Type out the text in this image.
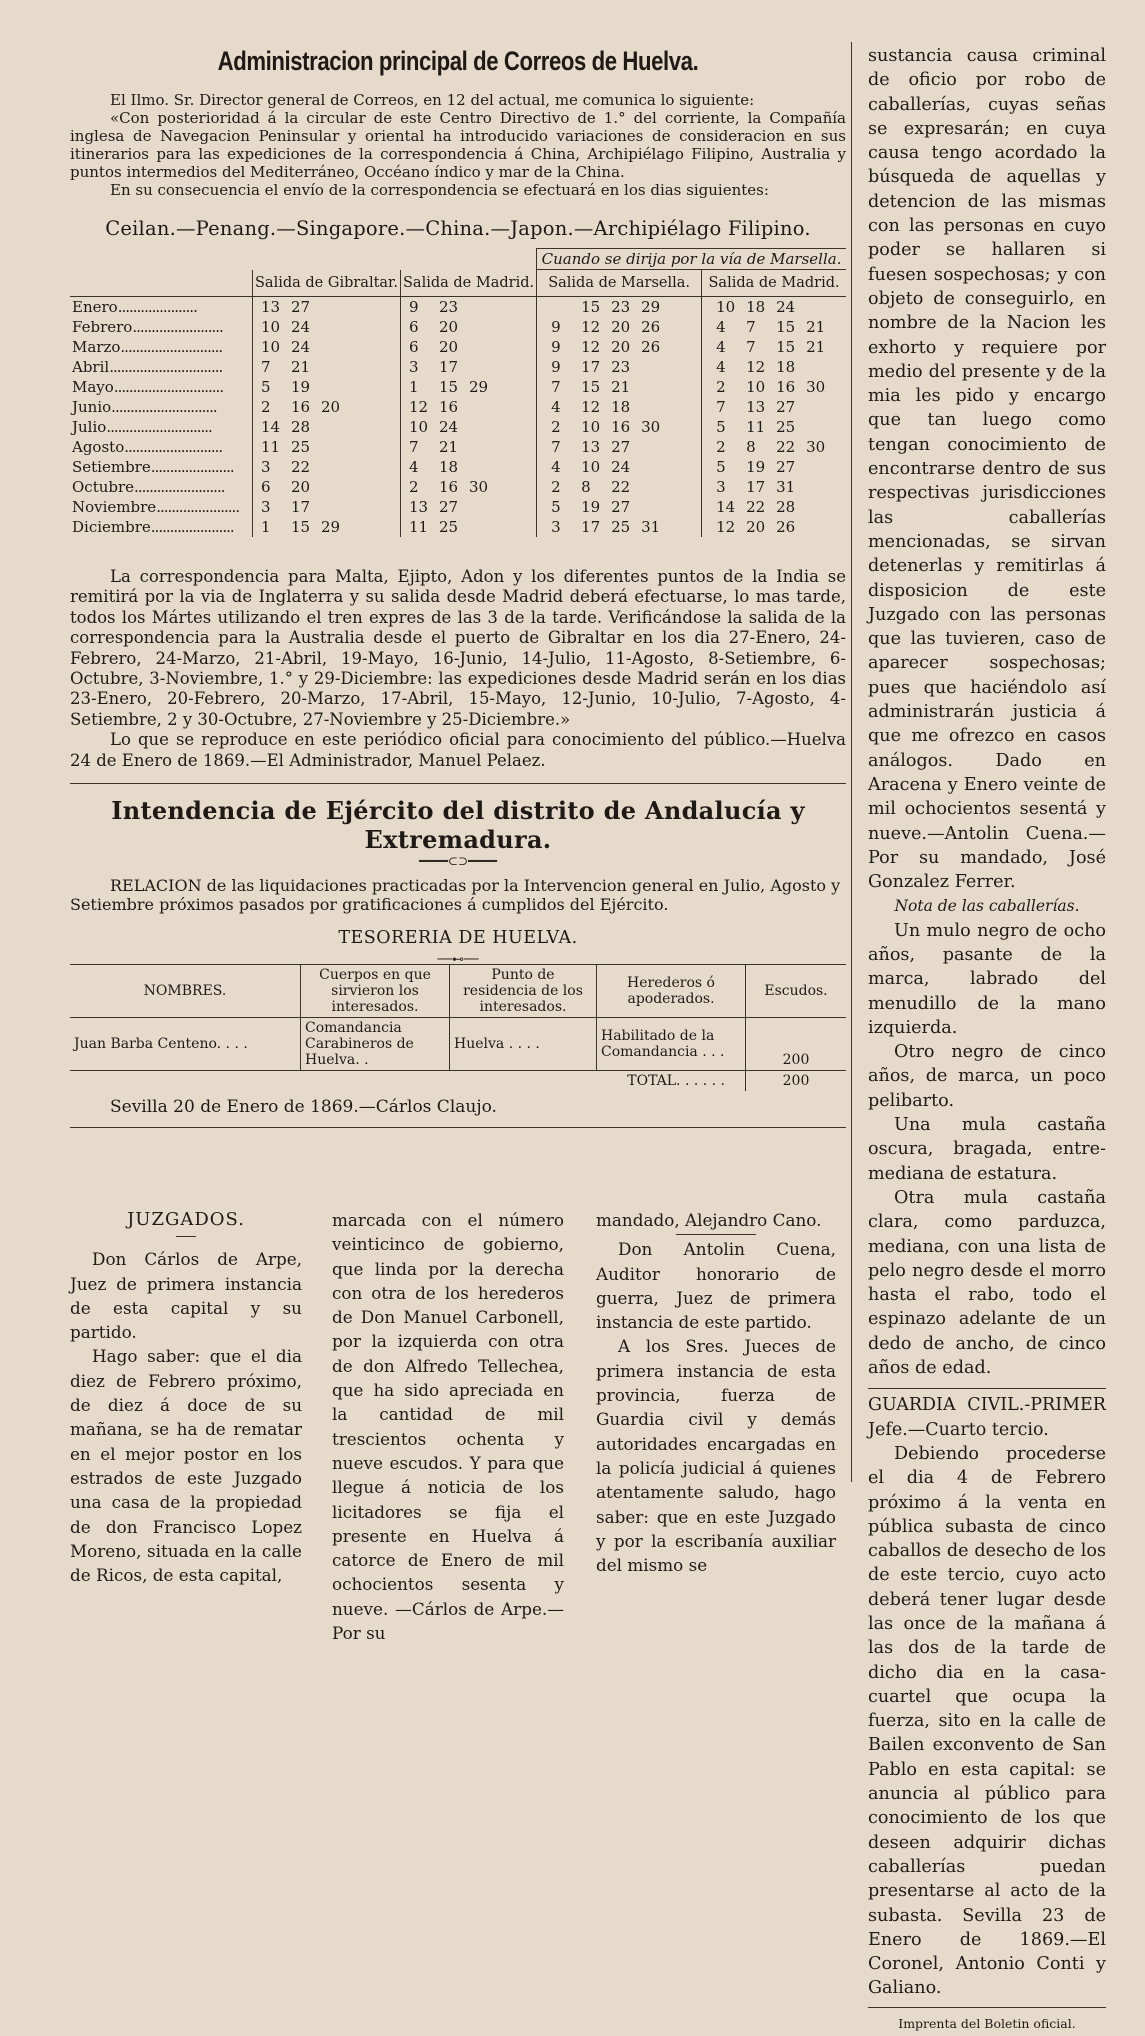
Administracion principal de Correos de Huelva.

El Ilmo. Sr. Director general de Correos, en 12 del actual, me comunica lo siguiente:

«Con posterioridad á la circular de este Centro Directivo de 1.° del corriente, la Compañía inglesa de Navegacion Peninsular y oriental ha introducido variaciones de consideracion en sus itinerarios para las expediciones de la correspondencia á China, Archipiélago Filipino, Australia y puntos intermedios del Mediterráneo, Occéano índico y mar de la China.

En su consecuencia el envío de la correspondencia se efectuará en los dias siguientes:

Ceilan.—Penang.—Singapore.—China.—Japon.—Archipiélago Filipino.
			Cuando se dirija por la vía de Marsella.	
	Salida de Gibraltar.	Salida de Madrid.	Salida de Marsella.	Salida de Madrid.
Enero.....................	13 27	9 23	15 23 29	10 18 24
Febrero........................	10 24	6 20	9 12 20 26	4 7 15 21
Marzo...........................	10 24	6 20	9 12 20 26	4 7 15 21
Abril..............................	7 21	3 17	9 17 23	4 12 18
Mayo.............................	5 19	1 15 29	7 15 21	2 10 16 30
Junio............................	2 16 20	12 16	4 12 18	7 13 27
Julio............................	14 28	10 24	2 10 16 30	5 11 25
Agosto..........................	11 25	7 21	7 13 27	2 8 22 30
Setiembre......................	3 22	4 18	4 10 24	5 19 27
Octubre........................	6 20	2 16 30	2 8 22	3 17 31
Noviembre......................	3 17	13 27	5 19 27	14 22 28
Diciembre......................	1 15 29	11 25	3 17 25 31	12 20 26

La correspondencia para Malta, Ejipto, Adon y los diferentes puntos de la India se remitirá por la via de Inglaterra y su salida desde Madrid deberá efectuarse, lo mas tarde, todos los Mártes utilizando el tren expres de las 3 de la tarde. Verificándose la salida de la correspondencia para la Australia desde el puerto de Gibraltar en los dia 27-Enero, 24-Febrero, 24-Marzo, 21-Abril, 19-Mayo, 16-Junio, 14-Julio, 11-Agosto, 8-Setiembre, 6-Octubre, 3-Noviembre, 1.° y 29-Diciembre: las expediciones desde Madrid serán en los dias 23-Enero, 20-Febrero, 20-Marzo, 17-Abril, 15-Mayo, 12-Junio, 10-Julio, 7-Agosto, 4-Setiembre, 2 y 30-Octubre, 27-Noviembre y 25-Diciembre.»

Lo que se reproduce en este periódico oficial para conocimiento del público.—Huelva 24 de Enero de 1869.—El Administrador, Manuel Pelaez.

Intendencia de Ejército del distrito de Andalucía y Extremadura.
━━━━⊂⊃━━━━

RELACION de las liquidaciones practicadas por la Intervencion general en Julio, Agosto y Setiembre próximos pasados por gratificaciones á cumplidos del Ejército.

TESORERIA DE HUELVA.
──⊷──
NOMBRES.	Cuerpos en que sirvieron los interesados.	Punto de residencia de los interesados.	Herederos ó apoderados.	Escudos.
Juan Barba Centeno. . . .	Comandancia Carabineros de Huelva. .	Huelva . . . .	Habilitado de la Comandancia . . .	200
		TOTAL. . . . . .		200
Sevilla 20 de Enero de 1869.—Cárlos Claujo.
JUZGADOS.

Don Cárlos de Arpe, Juez de primera instancia de esta capital y su partido.

Hago saber: que el dia diez de Febrero próximo, de diez á doce de su mañana, se ha de rematar en el mejor postor en los estrados de este Juzgado una casa de la propiedad de don Francisco Lopez Moreno, situada en la calle de Ricos, de esta capital,

marcada con el número veinticinco de gobierno, que linda por la derecha con otra de los herederos de Don Manuel Carbonell, por la izquierda con otra de don Alfredo Tellechea, que ha sido apreciada en la cantidad de mil trescientos ochenta y nueve escudos. Y para que llegue á noticia de los licitadores se fija el presente en Huelva á catorce de Enero de mil ochocientos sesenta y nueve. —Cárlos de Arpe.—Por su

mandado, Alejandro Cano.

Don Antolin Cuena, Auditor honorario de guerra, Juez de primera instancia de este partido.

A los Sres. Jueces de primera instancia de esta provincia, fuerza de Guardia civil y demás autoridades encargadas en la policía judicial á quienes atentamente saludo, hago saber: que en este Juzgado y por la escribanía auxiliar del mismo se

sustancia causa criminal de oficio por robo de caballerías, cuyas señas se expresarán; en cuya causa tengo acordado la búsqueda de aquellas y detencion de las mismas con las personas en cuyo poder se hallaren si fuesen sospechosas; y con objeto de conseguirlo, en nombre de la Nacion les exhorto y requiere por medio del presente y de la mia les pido y encargo que tan luego como tengan conocimiento de encontrarse dentro de sus respectivas jurisdicciones las caballerías mencionadas, se sirvan detenerlas y remitirlas á disposicion de este Juzgado con las personas que las tuvieren, caso de aparecer sospechosas; pues que haciéndolo así administrarán justicia á que me ofrezco en casos análogos. Dado en Aracena y Enero veinte de mil ochocientos sesentá y nueve.—Antolin Cuena.—Por su mandado, José Gonzalez Ferrer.

Nota de las caballerías.

Un mulo negro de ocho años, pasante de la marca, labrado del menudillo de la mano izquierda.

Otro negro de cinco años, de marca, un poco pelibarto.

Una mula castaña oscura, bragada, entre-mediana de estatura.

Otra mula castaña clara, como parduzca, mediana, con una lista de pelo negro desde el morro hasta el rabo, todo el espinazo adelante de un dedo de ancho, de cinco años de edad.

GUARDIA CIVIL.-PRIMER Jefe.—Cuarto tercio.

Debiendo procederse el dia 4 de Febrero próximo á la venta en pública subasta de cinco caballos de desecho de los de este tercio, cuyo acto deberá tener lugar desde las once de la mañana á las dos de la tarde de dicho dia en la casa-cuartel que ocupa la fuerza, sito en la calle de Bailen exconvento de San Pablo en esta capital: se anuncia al público para conocimiento de los que deseen adquirir dichas caballerías puedan presentarse al acto de la subasta. Sevilla 23 de Enero de 1869.—El Coronel, Antonio Conti y Galiano.

Imprenta del Boletin oficial.
